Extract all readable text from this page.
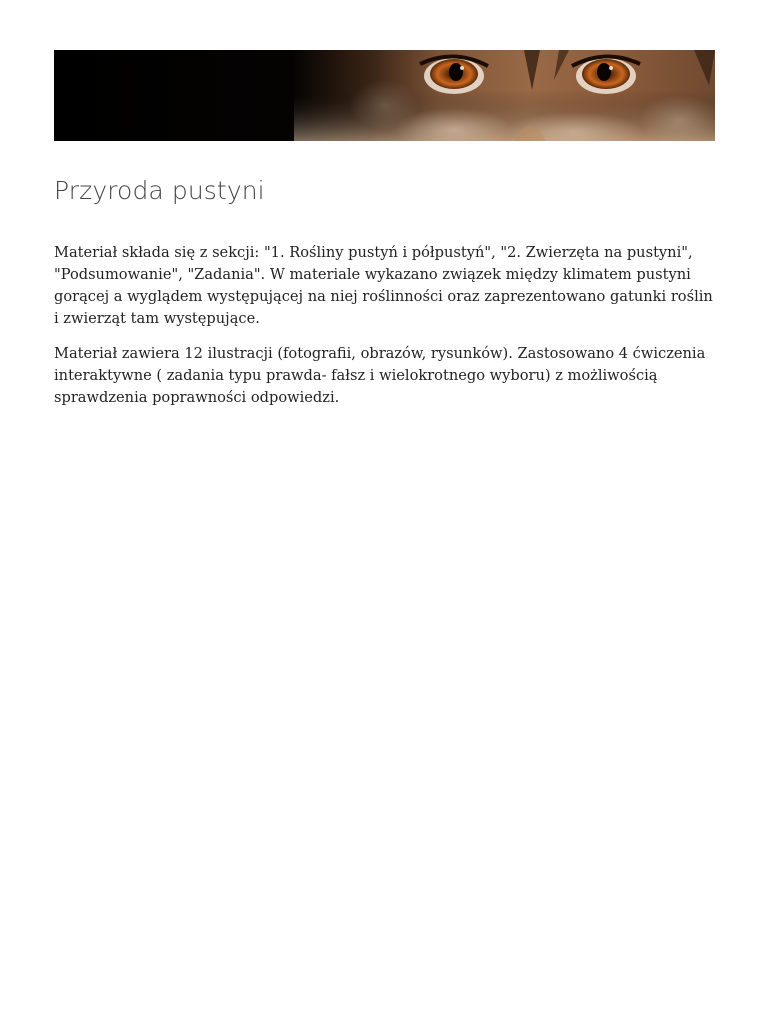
Przyroda pustyni

Materiał składa się z sekcji: "1. Rośliny pustyń i półpustyń", "2. Zwierzęta na pustyni", "Podsumowanie", "Zadania". W materiale wykazano związek między klimatem pustyni gorącej a wyglądem występującej na niej roślinności oraz zaprezentowano gatunki roślin i zwierząt tam występujące.

Materiał zawiera 12 ilustracji (fotografii, obrazów, rysunków). Zastosowano 4 ćwiczenia interaktywne ( zadania typu prawda- fałsz i wielokrotnego wyboru) z możliwością sprawdzenia poprawności odpowiedzi.
